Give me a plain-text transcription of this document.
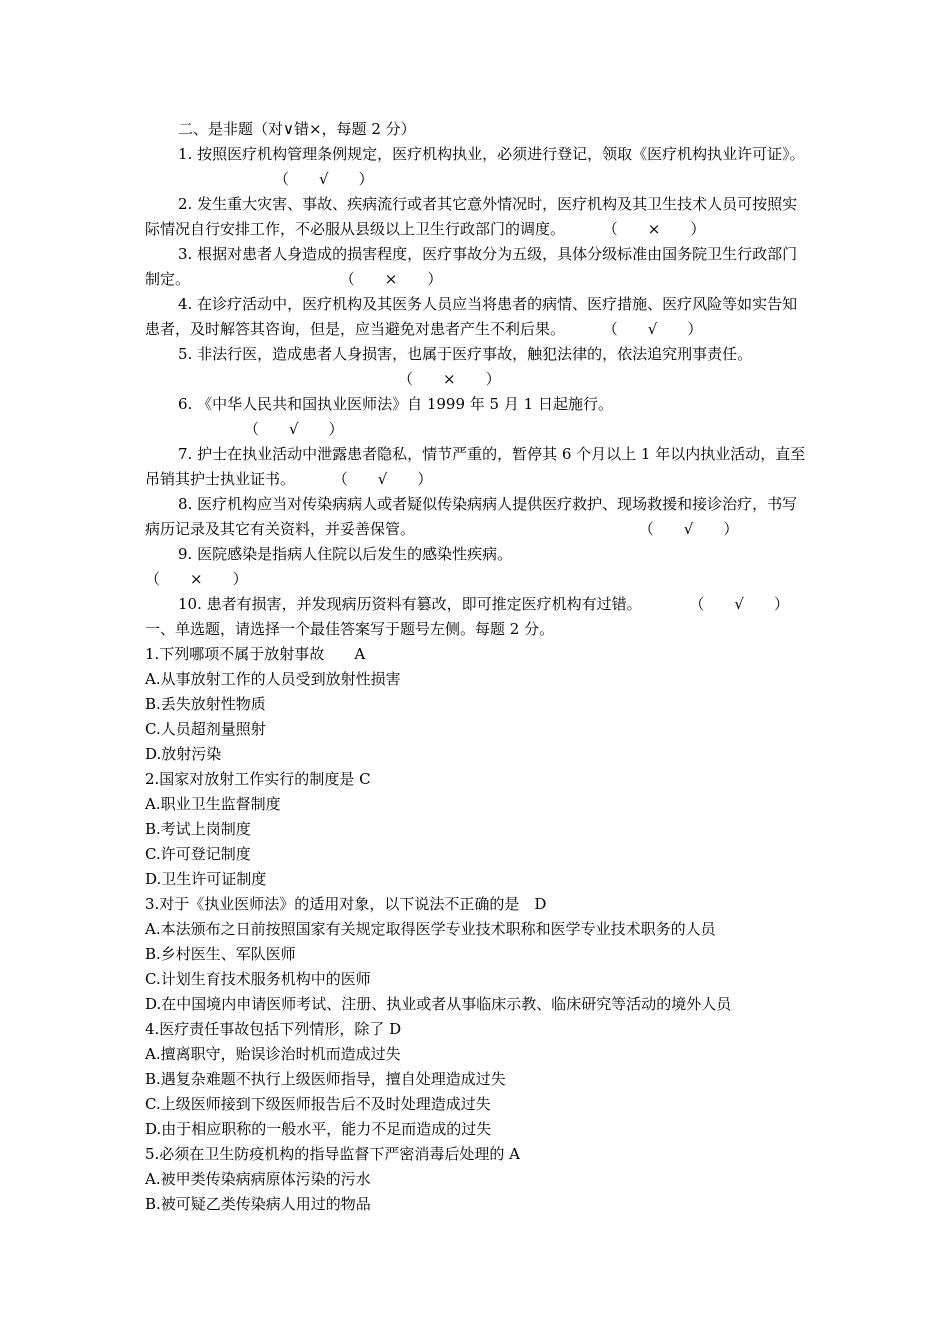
二、是非题（对∨错×，每题 2 分）

1. 按照医疗机构管理条例规定，医疗机构执业，必须进行登记，领取《医疗机构执业许可证》。 （　　√　　）

2. 发生重大灾害、事故、疾病流行或者其它意外情况时，医疗机构及其卫生技术人员可按照实际情况自行安排工作，不必服从县级以上卫生行政部门的调度。	（　　×　　）

3. 根据对患者人身造成的损害程度，医疗事故分为五级，具体分级标准由国务院卫生行政部门制定。	（　　×　　）

4. 在诊疗活动中，医疗机构及其医务人员应当将患者的病情、医疗措施、医疗风险等如实告知患者，及时解答其咨询，但是，应当避免对患者产生不利后果。	（　　√　　）

5. 非法行医，造成患者人身损害，也属于医疗事故，触犯法律的，依法追究刑事责任。 （　　×　　）

6. 《中华人民共和国执业医师法》自 1999 年 5 月 1 日起施行。 （　　√　　）

7. 护士在执业活动中泄露患者隐私，情节严重的，暂停其 6 个月以上 1 年以内执业活动，直至吊销其护士执业证书。	（　　√　　）

8. 医疗机构应当对传染病病人或者疑似传染病病人提供医疗救护、现场救援和接诊治疗，书写病历记录及其它有关资料，并妥善保管。	（　　√　　）

9. 医院感染是指病人住院以后发生的感染性疾病。

（　　×　　）

10. 患者有损害，并发现病历资料有篡改，即可推定医疗机构有过错。	（　　√　　）

一、单选题，请选择一个最佳答案写于题号左侧。每题 2 分。

1.下列哪项不属于放射事故　　A

A.从事放射工作的人员受到放射性损害

B.丢失放射性物质

C.人员超剂量照射

D.放射污染

2.国家对放射工作实行的制度是 C

A.职业卫生监督制度

B.考试上岗制度

C.许可登记制度

D.卫生许可证制度

3.对于《执业医师法》的适用对象，以下说法不正确的是　D

A.本法颁布之日前按照国家有关规定取得医学专业技术职称和医学专业技术职务的人员

B.乡村医生、军队医师

C.计划生育技术服务机构中的医师

D.在中国境内申请医师考试、注册、执业或者从事临床示教、临床研究等活动的境外人员

4.医疗责任事故包括下列情形，除了 D

A.擅离职守，贻误诊治时机而造成过失

B.遇复杂难题不执行上级医师指导，擅自处理造成过失

C.上级医师接到下级医师报告后不及时处理造成过失

D.由于相应职称的一般水平，能力不足而造成的过失

5.必须在卫生防疫机构的指导监督下严密消毒后处理的 A

A.被甲类传染病病原体污染的污水

B.被可疑乙类传染病人用过的物品
